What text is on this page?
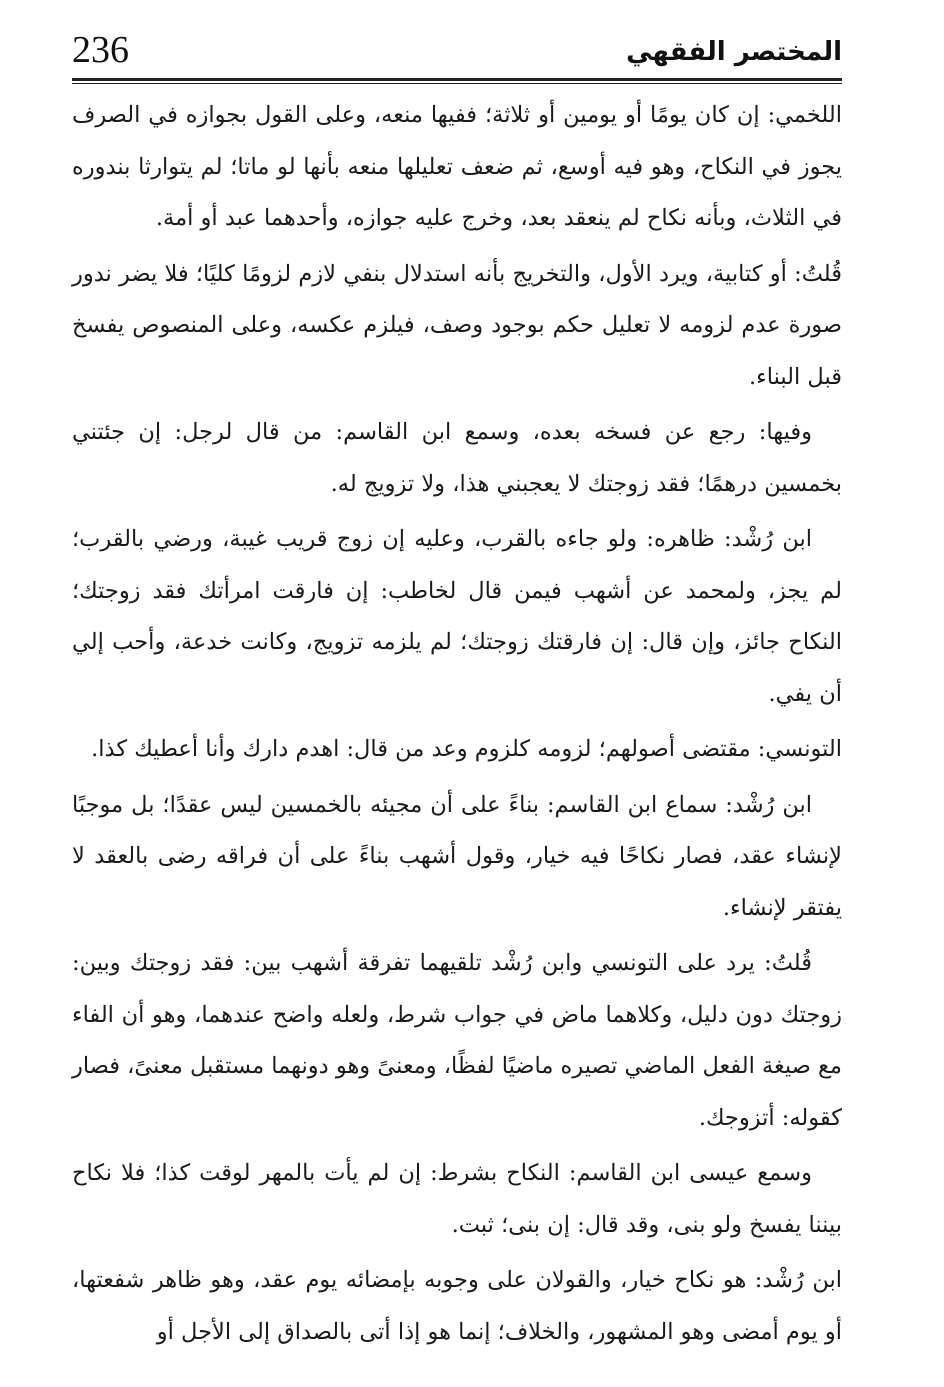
236	المختصر الفقهي

اللخمي: إن كان يومًا أو يومين أو ثلاثة؛ ففيها منعه، وعلى القول بجوازه في الصرف يجوز في النكاح، وهو فيه أوسع، ثم ضعف تعليلها منعه بأنها لو ماتا؛ لم يتوارثا بندوره في الثلاث، وبأنه نكاح لم ينعقد بعد، وخرج عليه جوازه، وأحدهما عبد أو أمة.

قُلتُ: أو كتابية، ويرد الأول، والتخريج بأنه استدلال بنفي لازم لزومًا كليًا؛ فلا يضر ندور صورة عدم لزومه لا تعليل حكم بوجود وصف، فيلزم عكسه، وعلى المنصوص يفسخ قبل البناء.

وفيها: رجع عن فسخه بعده، وسمع ابن القاسم: من قال لرجل: إن جئتني بخمسين درهمًا؛ فقد زوجتك لا يعجبني هذا، ولا تزويج له.

ابن رُشْد: ظاهره: ولو جاءه بالقرب، وعليه إن زوج قريب غيبة، ورضي بالقرب؛ لم يجز، ولمحمد عن أشهب فيمن قال لخاطب: إن فارقت امرأتك فقد زوجتك؛ النكاح جائز، وإن قال: إن فارقتك زوجتك؛ لم يلزمه تزويج، وكانت خدعة، وأحب إلي أن يفي.

التونسي: مقتضى أصولهم؛ لزومه كلزوم وعد من قال: اهدم دارك وأنا أعطيك كذا.

ابن رُشْد: سماع ابن القاسم: بناءً على أن مجيئه بالخمسين ليس عقدًا؛ بل موجبًا لإنشاء عقد، فصار نكاحًا فيه خيار، وقول أشهب بناءً على أن فراقه رضى بالعقد لا يفتقر لإنشاء.

قُلتُ: يرد على التونسي وابن رُشْد تلقيهما تفرقة أشهب بين: فقد زوجتك وبين: زوجتك دون دليل، وكلاهما ماض في جواب شرط، ولعله واضح عندهما، وهو أن الفاء مع صيغة الفعل الماضي تصيره ماضيًا لفظًا، ومعنىً وهو دونهما مستقبل معنىً، فصار كقوله: أتزوجك.

وسمع عيسى ابن القاسم: النكاح بشرط: إن لم يأت بالمهر لوقت كذا؛ فلا نكاح بيننا يفسخ ولو بنى، وقد قال: إن بنى؛ ثبت.

ابن رُشْد: هو نكاح خيار، والقولان على وجوبه بإمضائه يوم عقد، وهو ظاهر شفعتها، أو يوم أمضى وهو المشهور، والخلاف؛ إنما هو إذا أتى بالصداق إلى الأجل أو
